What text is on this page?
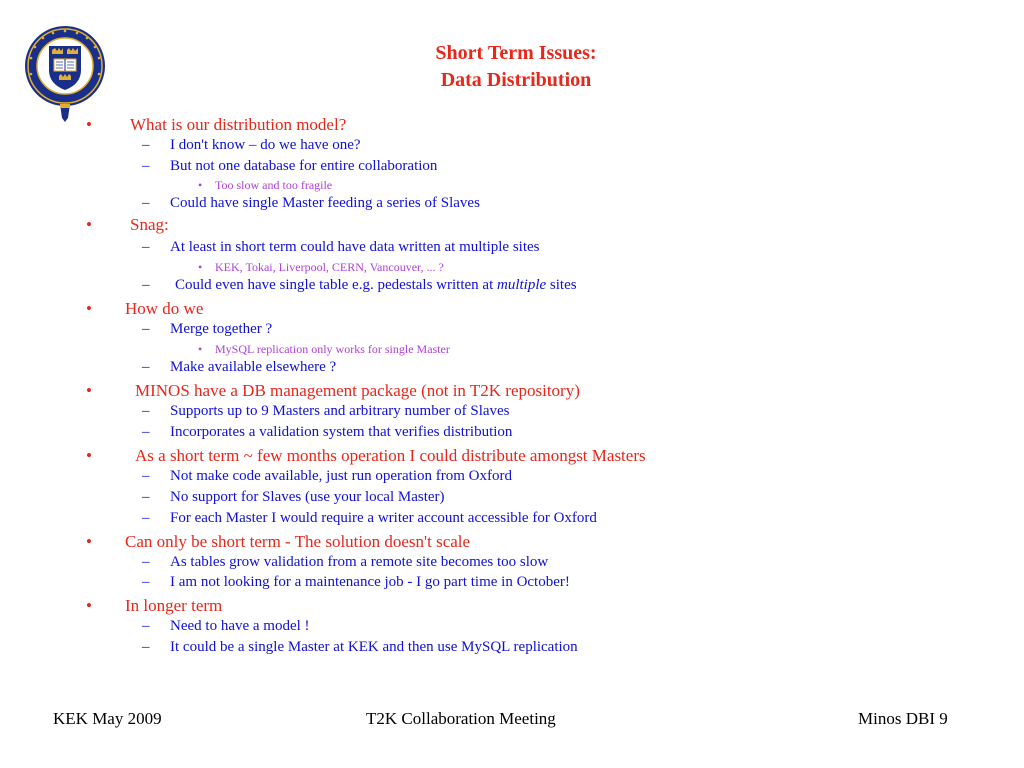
Short Term Issues:
Data Distribution
• What is our distribution model?
– I don't know – do we have one?
– But not one database for entire collaboration
• Too slow and too fragile
– Could have single Master feeding a series of Slaves
• Snag:
– At least in short term could have data written at multiple sites
• KEK, Tokai, Liverpool, CERN, Vancouver, ... ?
– Could even have single table e.g. pedestals written at multiple sites
• How do we
– Merge together ?
• MySQL replication only works for single Master
– Make available elsewhere ?
•	MINOS have a DB management package (not in T2K repository)
– Supports up to 9 Masters and arbitrary number of Slaves
– Incorporates a validation system that verifies distribution
•	As a short term ~ few months operation I could distribute amongst Masters
– Not make code available, just run operation from Oxford
– No support for Slaves (use your local Master)
– For each Master I would require a writer account accessible for Oxford
• Can only be short term - The solution doesn't scale
– As tables grow validation from a remote site becomes too slow
– I am not looking for a maintenance job - I go part time in October!
• In longer term
– Need to have a model !
– It could be a single Master at KEK and then use MySQL replication
KEK May 2009	T2K Collaboration Meeting	Minos DBI 9
